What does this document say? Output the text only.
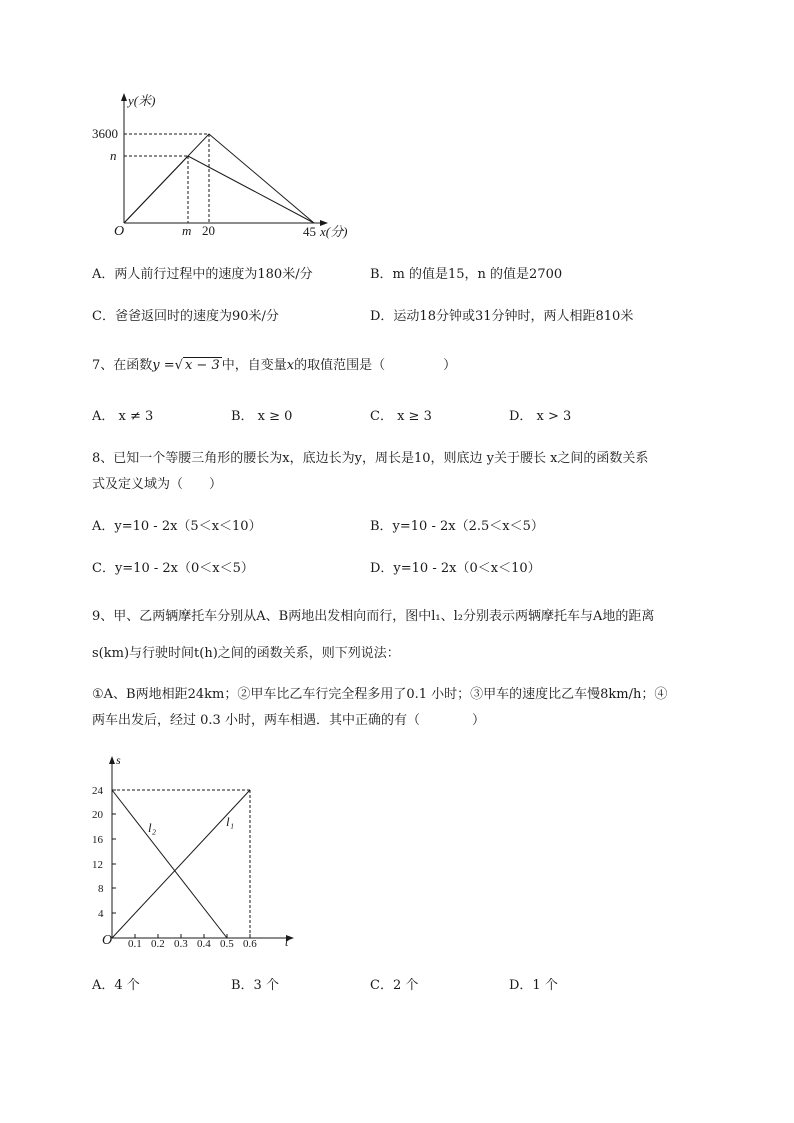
y(米)
3600
n
O	m 20	45 x(分)
A．两人前行过程中的速度为180米/分	B．m 的值是15，n 的值是2700
C．爸爸返回时的速度为90米/分	D．运动18分钟或31分钟时，两人相距810米
7、在函数y =√ x − 3 中，自变量x的取值范围是（	）
A． x ≠ 3	B． x ≥ 0	C． x ≥ 3	D． x > 3
8、已知一个等腰三角形的腰长为x，底边长为y，周长是10，则底边 y关于腰长 x之间的函数关系
式及定义域为（　　）
A．y=10 - 2x（5＜x＜10）	B．y=10 - 2x（2.5＜x＜5）
C．y=10 - 2x（0＜x＜5）	D．y=10 - 2x（0＜x＜10）
9、甲、乙两辆摩托车分别从A、B两地出发相向而行，图中l₁、l₂分别表示两辆摩托车与A地的距离
s(km)与行驶时间t(h)之间的函数关系，则下列说法：
①A、B两地相距24km；②甲车比乙车行完全程多用了0.1 小时；③甲车的速度比乙车慢8km/h；④
两车出发后，经过 0.3 小时，两车相遇．其中正确的有（　　　　）
s
4
8
12
16
20
24
O 0.1 0.2 0.3 0.4 0.5 0.6 t
l₂	l₁
A．4 个	B．3 个	C．2 个	D．1 个
